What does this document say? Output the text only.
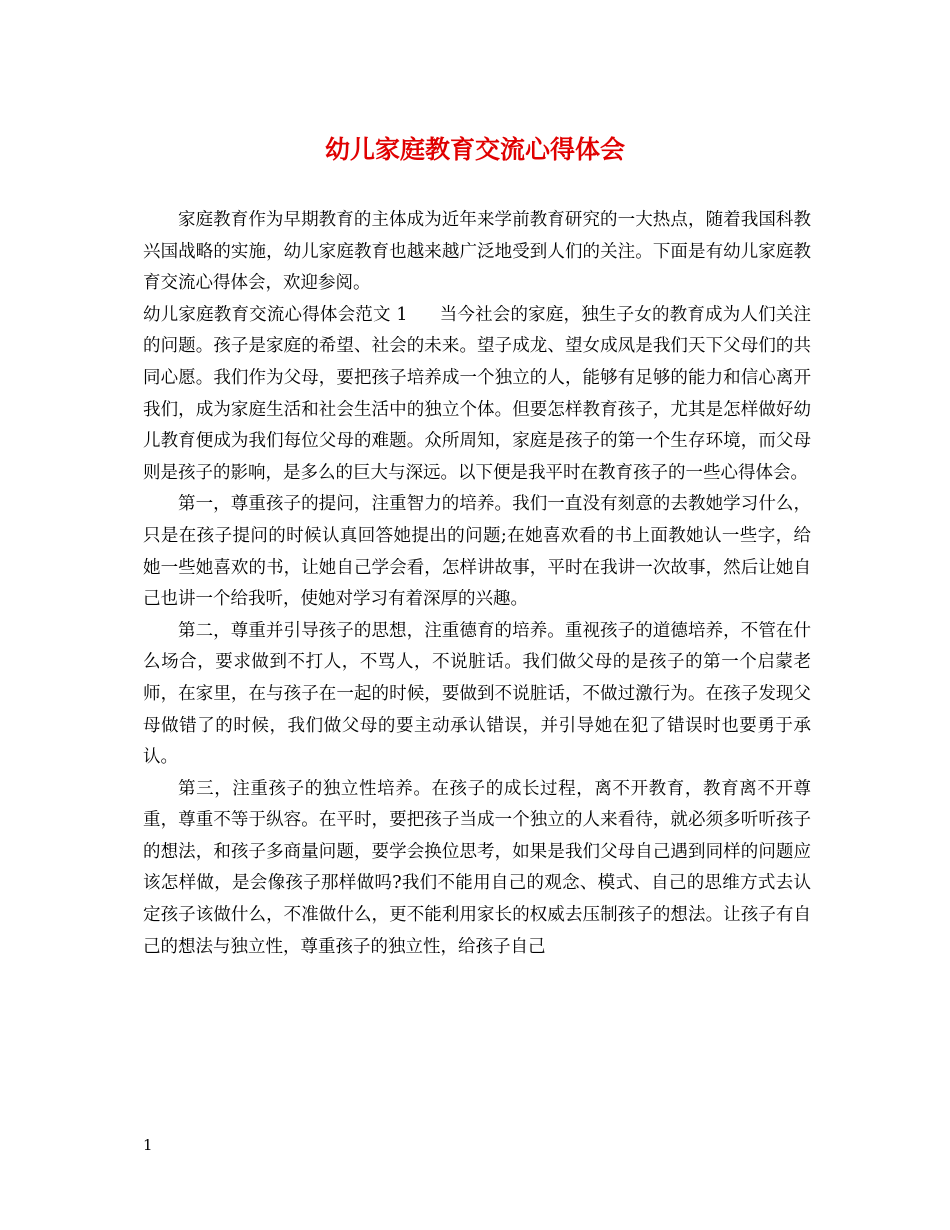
幼儿家庭教育交流心得体会

家庭教育作为早期教育的主体成为近年来学前教育研究的一大热点，随着我国科教兴国战略的实施，幼儿家庭教育也越来越广泛地受到人们的关注。下面是有幼儿家庭教育交流心得体会，欢迎参阅。

幼儿家庭教育交流心得体会范文 1 当今社会的家庭，独生子女的教育成为人们关注的问题。孩子是家庭的希望、社会的未来。望子成龙、望女成凤是我们天下父母们的共同心愿。我们作为父母，要把孩子培养成一个独立的人，能够有足够的能力和信心离开我们，成为家庭生活和社会生活中的独立个体。但要怎样教育孩子，尤其是怎样做好幼儿教育便成为我们每位父母的难题。众所周知，家庭是孩子的第一个生存环境，而父母则是孩子的影响，是多么的巨大与深远。以下便是我平时在教育孩子的一些心得体会。

第一，尊重孩子的提问，注重智力的培养。我们一直没有刻意的去教她学习什么，只是在孩子提问的时候认真回答她提出的问题;在她喜欢看的书上面教她认一些字，给她一些她喜欢的书，让她自己学会看，怎样讲故事，平时在我讲一次故事，然后让她自己也讲一个给我听，使她对学习有着深厚的兴趣。

第二，尊重并引导孩子的思想，注重德育的培养。重视孩子的道德培养，不管在什么场合，要求做到不打人，不骂人，不说脏话。我们做父母的是孩子的第一个启蒙老师，在家里，在与孩子在一起的时候，要做到不说脏话，不做过激行为。在孩子发现父母做错了的时候，我们做父母的要主动承认错误，并引导她在犯了错误时也要勇于承认。

第三，注重孩子的独立性培养。在孩子的成长过程，离不开教育，教育离不开尊重，尊重不等于纵容。在平时，要把孩子当成一个独立的人来看待，就必须多听听孩子的想法，和孩子多商量问题，要学会换位思考，如果是我们父母自己遇到同样的问题应该怎样做，是会像孩子那样做吗?我们不能用自己的观念、模式、自己的思维方式去认定孩子该做什么，不准做什么，更不能利用家长的权威去压制孩子的想法。让孩子有自己的想法与独立性，尊重孩子的独立性，给孩子自己

1
